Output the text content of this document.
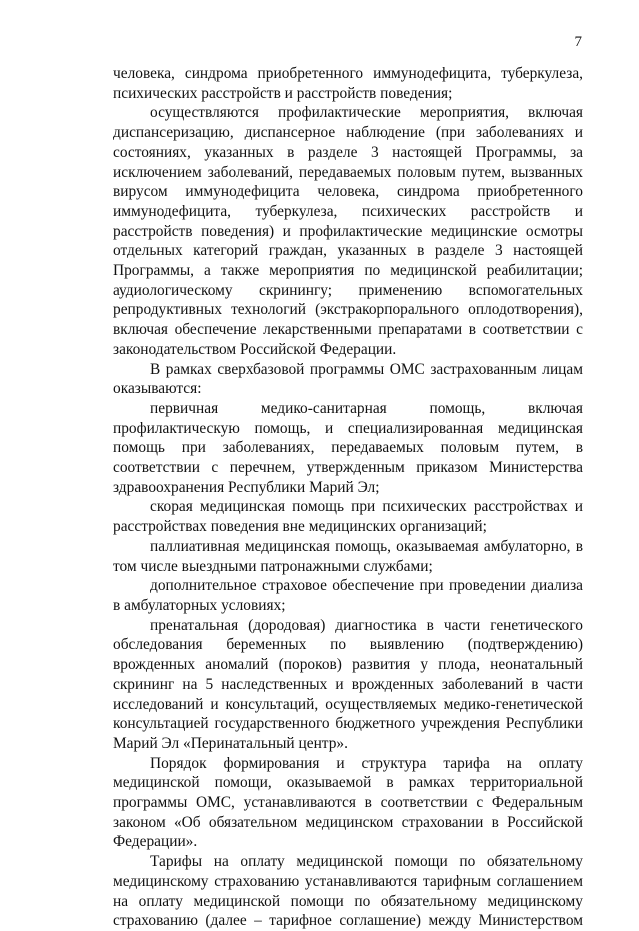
7

человека, синдрома приобретенного иммунодефицита, туберкулеза, психических расстройств и расстройств поведения;

осуществляются профилактические мероприятия, включая диспансеризацию, диспансерное наблюдение (при заболеваниях и состояниях, указанных в разделе 3 настоящей Программы, за исключением заболеваний, передаваемых половым путем, вызванных вирусом иммунодефицита человека, синдрома приобретенного иммунодефицита, туберкулеза, психических расстройств и расстройств поведения) и профилактические медицинские осмотры отдельных категорий граждан, указанных в разделе 3 настоящей Программы, а также мероприятия по медицинской реабилитации; аудиологическому скринингу; применению вспомогательных репродуктивных технологий (экстракорпорального оплодотворения), включая обеспечение лекарственными препаратами в соответствии с законодательством Российской Федерации.

В рамках сверхбазовой программы ОМС застрахованным лицам оказываются:

первичная медико-санитарная помощь, включая профилактическую помощь, и специализированная медицинская помощь при заболеваниях, передаваемых половым путем, в соответствии с перечнем, утвержденным приказом Министерства здравоохранения Республики Марий Эл;

скорая медицинская помощь при психических расстройствах и расстройствах поведения вне медицинских организаций;

паллиативная медицинская помощь, оказываемая амбулаторно, в том числе выездными патронажными службами;

дополнительное страховое обеспечение при проведении диализа в амбулаторных условиях;

пренатальная (дородовая) диагностика в части генетического обследования беременных по выявлению (подтверждению) врожденных аномалий (пороков) развития у плода, неонатальный скрининг на 5 наследственных и врожденных заболеваний в части исследований и консультаций, осуществляемых медико-генетической консультацией государственного бюджетного учреждения Республики Марий Эл «Перинатальный центр».

Порядок формирования и структура тарифа на оплату медицинской помощи, оказываемой в рамках территориальной программы ОМС, устанавливаются в соответствии с Федеральным законом «Об обязательном медицинском страховании в Российской Федерации».

Тарифы на оплату медицинской помощи по обязательному медицинскому страхованию устанавливаются тарифным соглашением на оплату медицинской помощи по обязательному медицинскому страхованию (далее – тарифное соглашение) между Министерством
